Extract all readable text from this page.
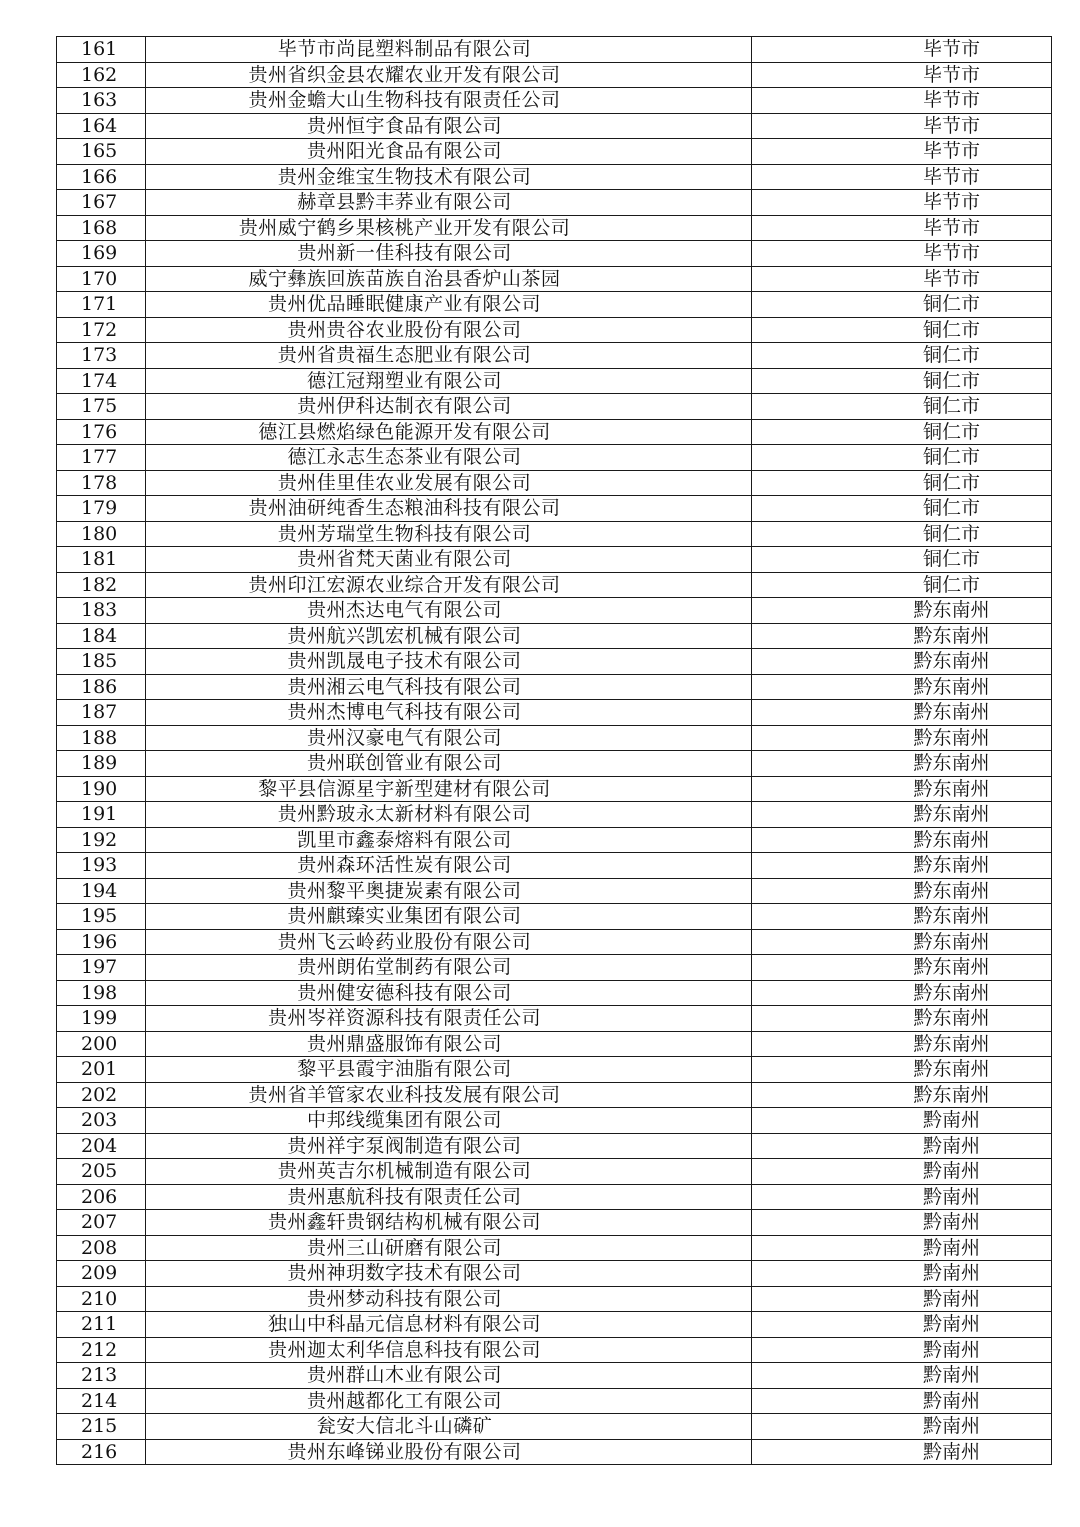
161	毕节市尚昆塑料制品有限公司	毕节市
162	贵州省织金县农耀农业开发有限公司	毕节市
163	贵州金蟾大山生物科技有限责任公司	毕节市
164	贵州恒宇食品有限公司	毕节市
165	贵州阳光食品有限公司	毕节市
166	贵州金维宝生物技术有限公司	毕节市
167	赫章县黔丰荞业有限公司	毕节市
168	贵州威宁鹤乡果核桃产业开发有限公司	毕节市
169	贵州新一佳科技有限公司	毕节市
170	威宁彝族回族苗族自治县香炉山茶园	毕节市
171	贵州优品睡眠健康产业有限公司	铜仁市
172	贵州贵谷农业股份有限公司	铜仁市
173	贵州省贵福生态肥业有限公司	铜仁市
174	德江冠翔塑业有限公司	铜仁市
175	贵州伊科达制衣有限公司	铜仁市
176	德江县燃焰绿色能源开发有限公司	铜仁市
177	德江永志生态茶业有限公司	铜仁市
178	贵州佳里佳农业发展有限公司	铜仁市
179	贵州油研纯香生态粮油科技有限公司	铜仁市
180	贵州芳瑞堂生物科技有限公司	铜仁市
181	贵州省梵天菌业有限公司	铜仁市
182	贵州印江宏源农业综合开发有限公司	铜仁市
183	贵州杰达电气有限公司	黔东南州
184	贵州航兴凯宏机械有限公司	黔东南州
185	贵州凯晟电子技术有限公司	黔东南州
186	贵州湘云电气科技有限公司	黔东南州
187	贵州杰博电气科技有限公司	黔东南州
188	贵州汉豪电气有限公司	黔东南州
189	贵州联创管业有限公司	黔东南州
190	黎平县信源星宇新型建材有限公司	黔东南州
191	贵州黔玻永太新材料有限公司	黔东南州
192	凯里市鑫泰熔料有限公司	黔东南州
193	贵州森环活性炭有限公司	黔东南州
194	贵州黎平奥捷炭素有限公司	黔东南州
195	贵州麒臻实业集团有限公司	黔东南州
196	贵州飞云岭药业股份有限公司	黔东南州
197	贵州朗佑堂制药有限公司	黔东南州
198	贵州健安德科技有限公司	黔东南州
199	贵州岑祥资源科技有限责任公司	黔东南州
200	贵州鼎盛服饰有限公司	黔东南州
201	黎平县霞宇油脂有限公司	黔东南州
202	贵州省羊管家农业科技发展有限公司	黔东南州
203	中邦线缆集团有限公司	黔南州
204	贵州祥宇泵阀制造有限公司	黔南州
205	贵州英吉尔机械制造有限公司	黔南州
206	贵州惠航科技有限责任公司	黔南州
207	贵州鑫轩贵钢结构机械有限公司	黔南州
208	贵州三山研磨有限公司	黔南州
209	贵州神玥数字技术有限公司	黔南州
210	贵州梦动科技有限公司	黔南州
211	独山中科晶元信息材料有限公司	黔南州
212	贵州迦太利华信息科技有限公司	黔南州
213	贵州群山木业有限公司	黔南州
214	贵州越都化工有限公司	黔南州
215	瓮安大信北斗山磷矿	黔南州
216	贵州东峰锑业股份有限公司	黔南州
